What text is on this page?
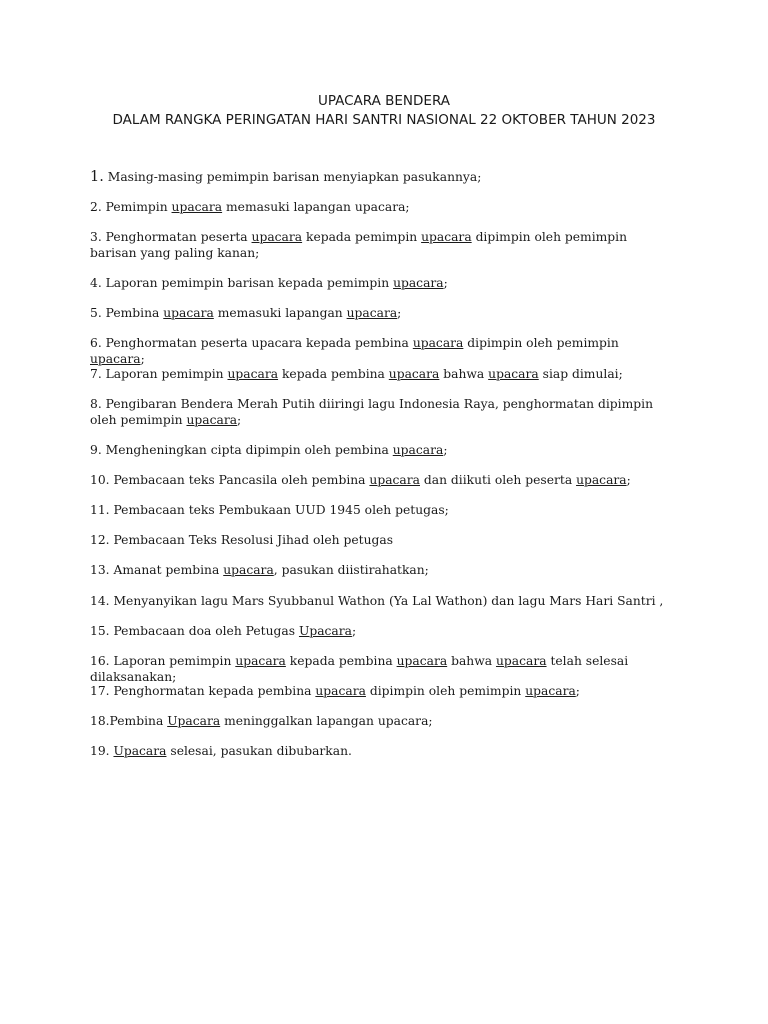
UPACARA BENDERA
DALAM RANGKA PERINGATAN HARI SANTRI NASIONAL 22 OKTOBER TAHUN 2023
1. Masing-masing pemimpin barisan menyiapkan pasukannya;
2. Pemimpin upacara memasuki lapangan upacara;
3. Penghormatan peserta upacara kepada pemimpin upacara dipimpin oleh pemimpin barisan yang paling kanan;
4. Laporan pemimpin barisan kepada pemimpin upacara;
5. Pembina upacara memasuki lapangan upacara;
6. Penghormatan peserta upacara kepada pembina upacara dipimpin oleh pemimpin upacara;
7. Laporan pemimpin upacara kepada pembina upacara bahwa upacara siap dimulai;
8. Pengibaran Bendera Merah Putih diiringi lagu Indonesia Raya, penghormatan dipimpin oleh pemimpin upacara;
9. Mengheningkan cipta dipimpin oleh pembina upacara;
10. Pembacaan teks Pancasila oleh pembina upacara dan diikuti oleh peserta upacara;
11. Pembacaan teks Pembukaan UUD 1945 oleh petugas;
12. Pembacaan Teks Resolusi Jihad oleh petugas
13. Amanat pembina upacara, pasukan diistirahatkan;
14. Menyanyikan lagu Mars Syubbanul Wathon (Ya Lal Wathon) dan lagu Mars Hari Santri ,
15. Pembacaan doa oleh Petugas Upacara;
16. Laporan pemimpin upacara kepada pembina upacara bahwa upacara telah selesai dilaksanakan;
17. Penghormatan kepada pembina upacara dipimpin oleh pemimpin upacara;
18.Pembina Upacara meninggalkan lapangan upacara;
19. Upacara selesai, pasukan dibubarkan.
